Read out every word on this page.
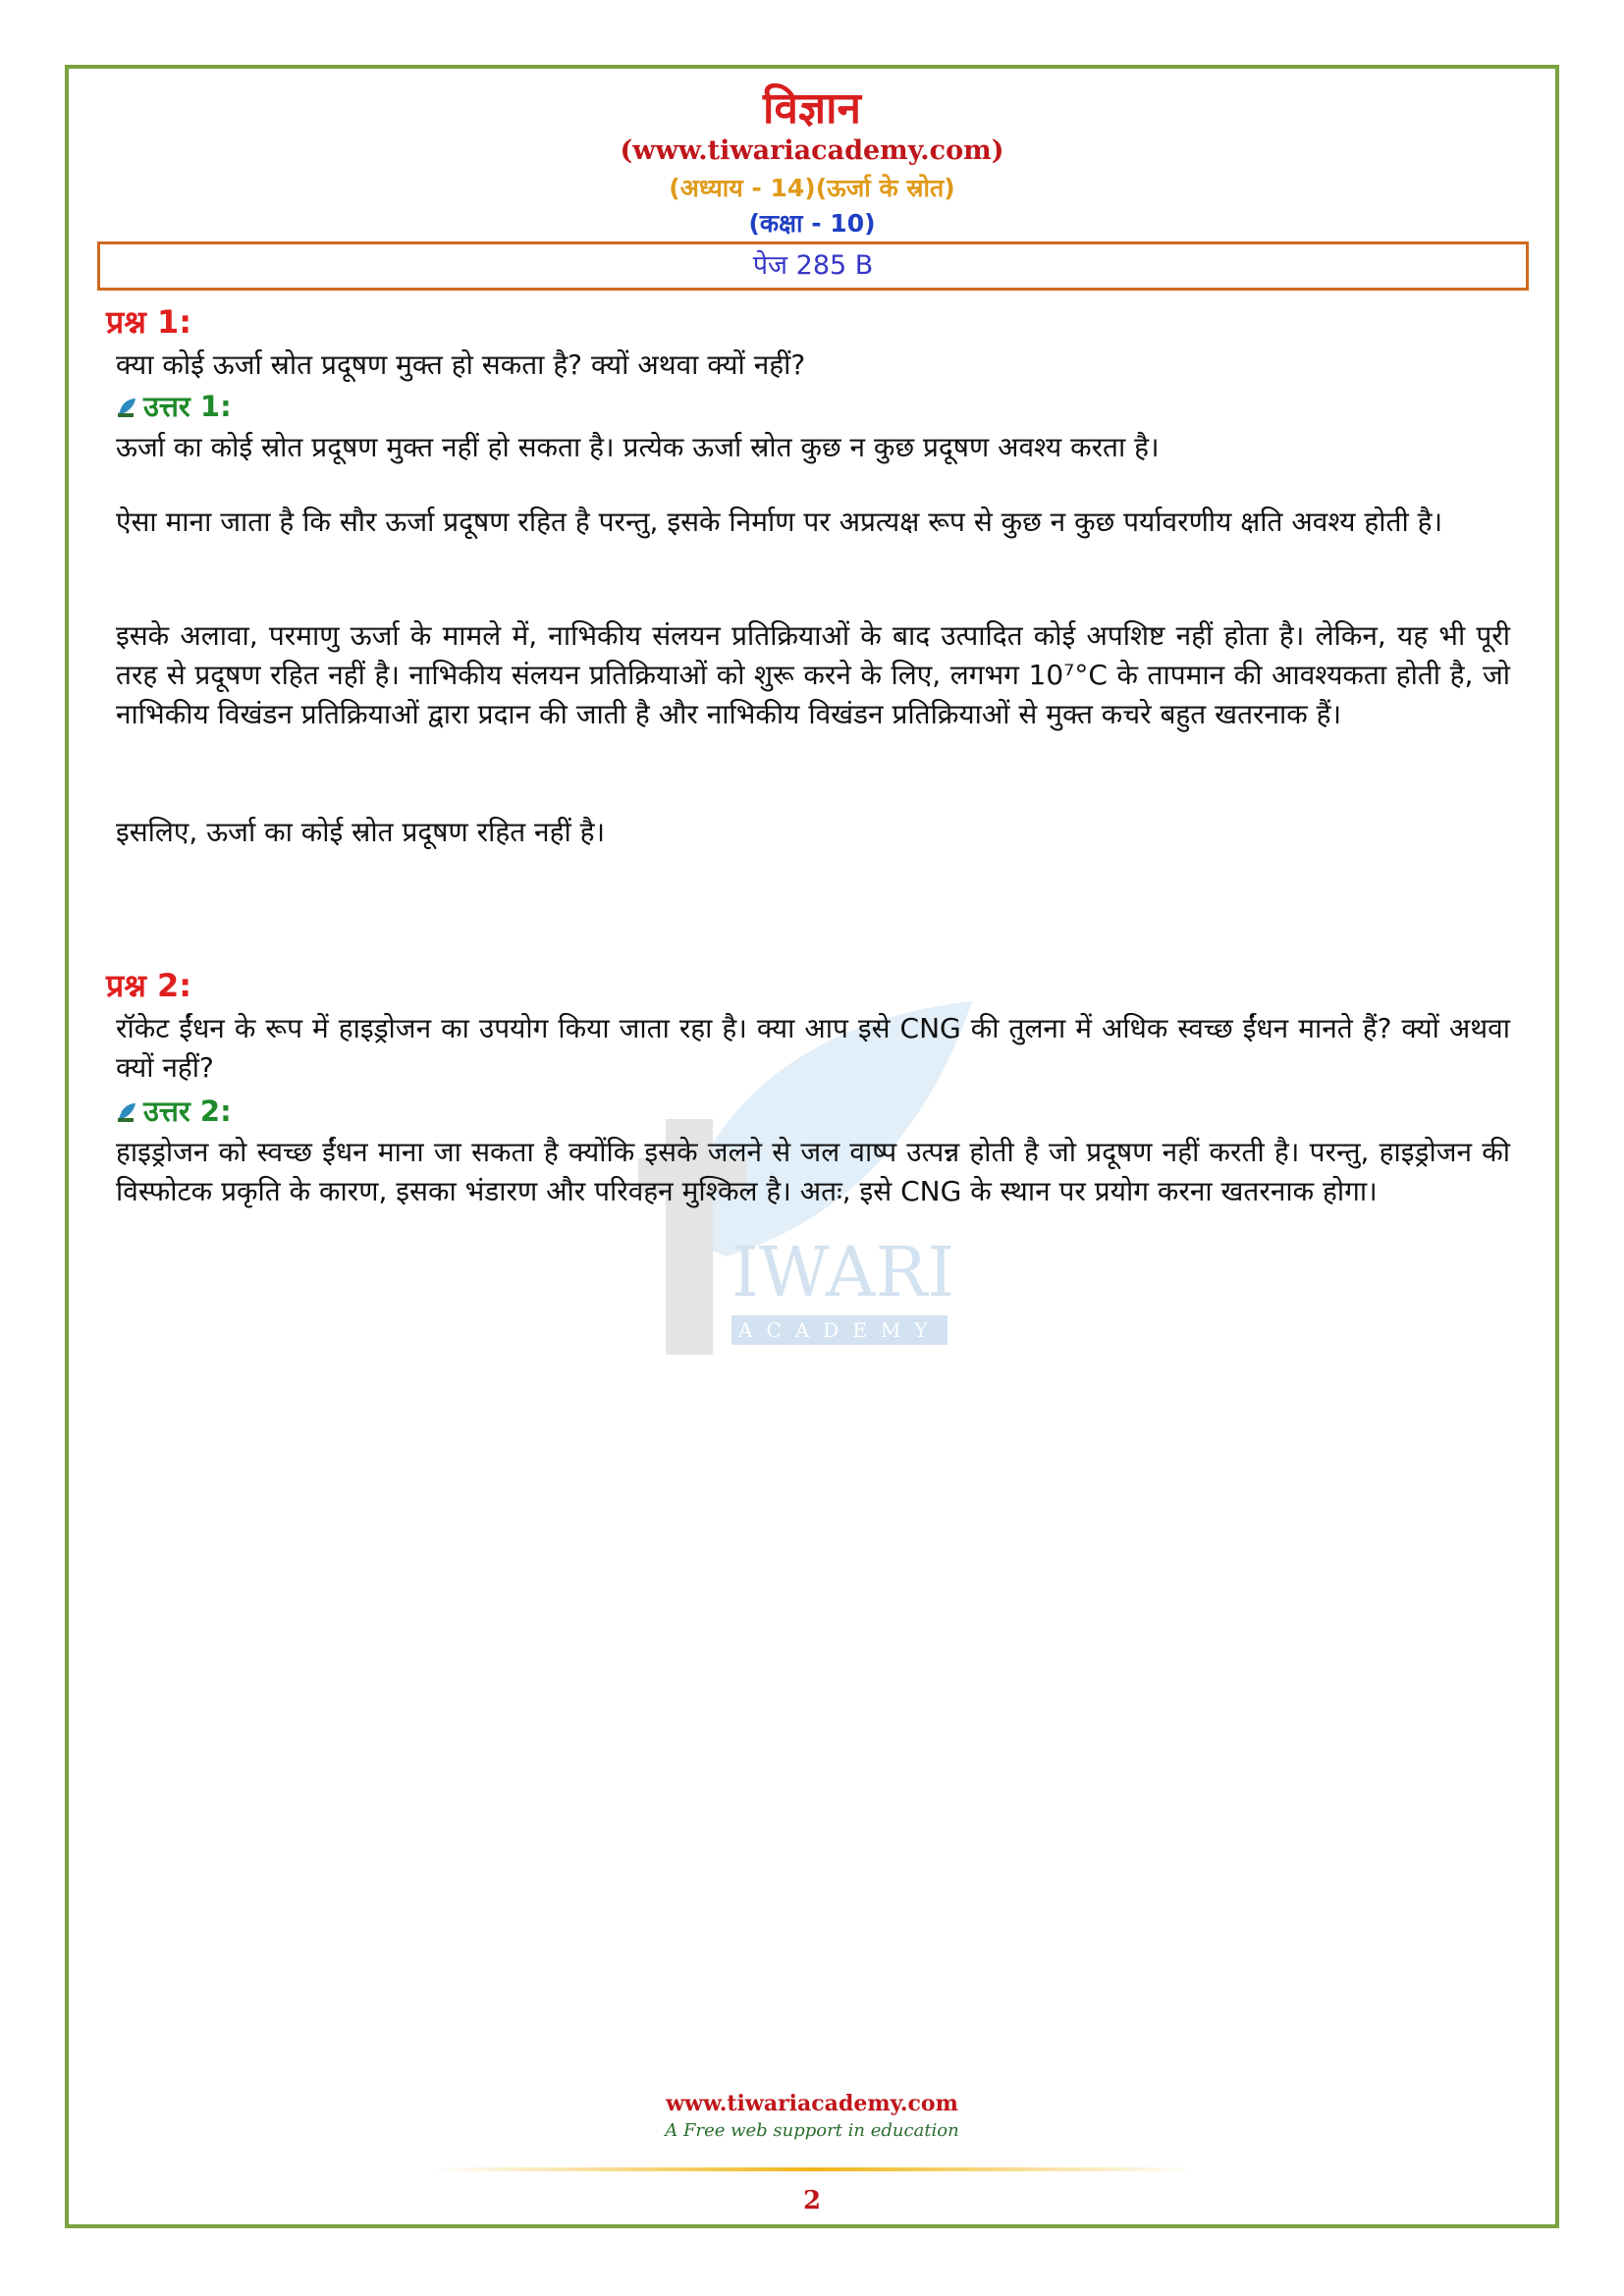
विज्ञान
(www.tiwariacademy.com)
(अध्याय - 14)(ऊर्जा के स्रोत)
(कक्षा - 10)
पेज 285 B
IWARI
ACADEMY
प्रश्न 1:
क्या कोई ऊर्जा स्रोत प्रदूषण मुक्त हो सकता है? क्यों अथवा क्यों नहीं?
उत्तर 1:
ऊर्जा का कोई स्रोत प्रदूषण मुक्त नहीं हो सकता है। प्रत्येक ऊर्जा स्रोत कुछ न कुछ प्रदूषण अवश्य करता है।
ऐसा माना जाता है कि सौर ऊर्जा प्रदूषण रहित है परन्तु, इसके निर्माण पर अप्रत्यक्ष रूप से कुछ न कुछ पर्यावरणीय क्षति अवश्य होती है।
इसके अलावा, परमाणु ऊर्जा के मामले में, नाभिकीय संलयन प्रतिक्रियाओं के बाद उत्पादित कोई अपशिष्ट नहीं होता है। लेकिन, यह भी पूरी तरह से प्रदूषण रहित नहीं है। नाभिकीय संलयन प्रतिक्रियाओं को शुरू करने के लिए, लगभग 10⁷°C के तापमान की आवश्यकता होती है, जो नाभिकीय विखंडन प्रतिक्रियाओं द्वारा प्रदान की जाती है और नाभिकीय विखंडन प्रतिक्रियाओं से मुक्त कचरे बहुत खतरनाक हैं।
इसलिए, ऊर्जा का कोई स्रोत प्रदूषण रहित नहीं है।
प्रश्न 2:
रॉकेट ईंधन के रूप में हाइड्रोजन का उपयोग किया जाता रहा है। क्या आप इसे CNG की तुलना में अधिक स्वच्छ ईंधन मानते हैं? क्यों अथवा क्यों नहीं?
उत्तर 2:
हाइड्रोजन को स्वच्छ ईंधन माना जा सकता है क्योंकि इसके जलने से जल वाष्प उत्पन्न होती है जो प्रदूषण नहीं करती है। परन्तु, हाइड्रोजन की विस्फोटक प्रकृति के कारण, इसका भंडारण और परिवहन मुश्किल है। अतः, इसे CNG के स्थान पर प्रयोग करना खतरनाक होगा।
www.tiwariacademy.com
A Free web support in education
2
